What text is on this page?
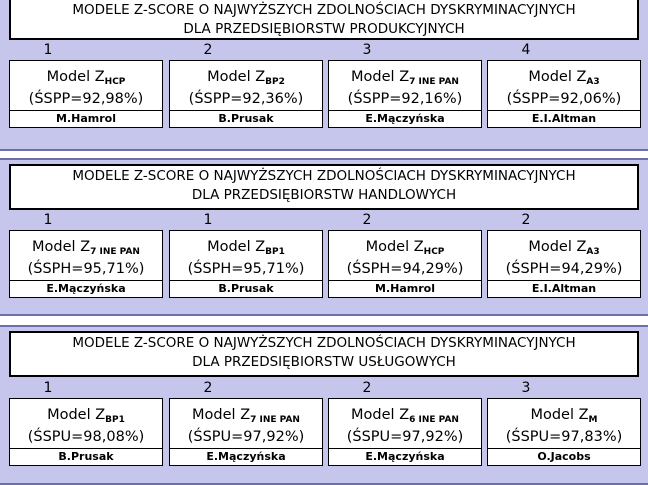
MODELE Z-SCORE O NAJWYŻSZYCH ZDOLNOŚCIACH DYSKRYMINACYJNYCH
DLA PRZEDSIĘBIORSTW PRODUKCYJNYCH
1
Model $Z_{HCP}$
(ŚSPP=92,98%)
M.Hamrol
2
Model $Z_{BP2}$
(ŚSPP=92,36%)
B.Prusak
3
Model $Z_{7 INE PAN}$
(ŚSPP=92,16%)
E.Mączyńska
4
Model $Z_{A3}$
(ŚSPP=92,06%)
E.I.Altman
MODELE Z-SCORE O NAJWYŻSZYCH ZDOLNOŚCIACH DYSKRYMINACYJNYCH
DLA PRZEDSIĘBIORSTW HANDLOWYCH
1
Model $Z_{7 INE PAN}$
(ŚSPH=95,71%)
E.Mączyńska
1
Model $Z_{BP1}$
(ŚSPH=95,71%)
B.Prusak
2
Model $Z_{HCP}$
(ŚSPH=94,29%)
M.Hamrol
2
Model $Z_{A3}$
(ŚSPH=94,29%)
E.I.Altman
MODELE Z-SCORE O NAJWYŻSZYCH ZDOLNOŚCIACH DYSKRYMINACYJNYCH
DLA PRZEDSIĘBIORSTW USŁUGOWYCH
1
Model $Z_{BP1}$
(ŚSPU=98,08%)
B.Prusak
2
Model $Z_{7 INE PAN}$
(ŚSPU=97,92%)
E.Mączyńska
2
Model $Z_{6 INE PAN}$
(ŚSPU=97,92%)
E.Mączyńska
3
Model $Z_M$
(ŚSPU=97,83%)
O.Jacobs
